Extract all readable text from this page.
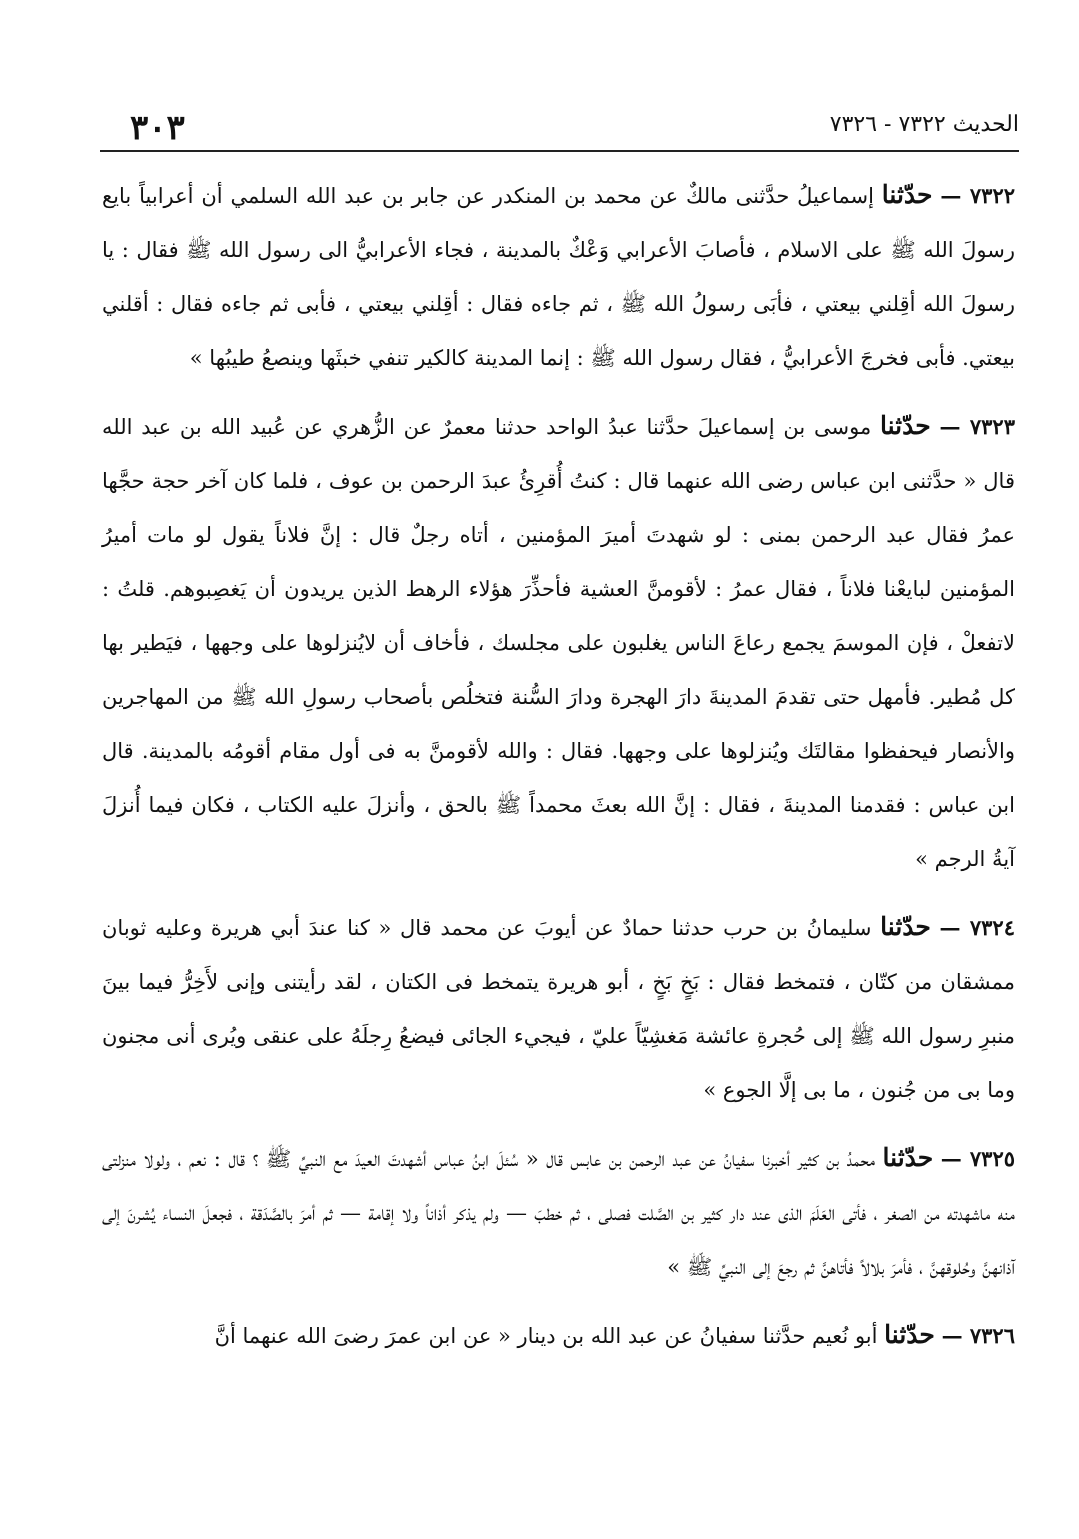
الحديث ٧٣٢٢ - ٧٣٢٦
٣٠٣

٧٣٢٢ — حدّثنا إسماعيلُ حدَّثنى مالكٌ عن محمد بن المنكدر عن جابر بن عبد الله السلمي أن أعرابياً بايع رسولَ الله ﷺ على الاسلام ، فأصابَ الأعرابي وَعْكٌ بالمدينة ، فجاء الأعرابيُّ الى رسول الله ﷺ فقال : يا رسولَ الله أقِلني بيعتي ، فأبَى رسولُ الله ﷺ ، ثم جاءه فقال : أقِلني بيعتي ، فأبى ثم جاءه فقال : أقلني بيعتي. فأبى فخرجَ الأعرابيُّ ، فقال رسول الله ﷺ : إنما المدينة كالكير تنفي خبثَها وينصعُ طيبُها »

٧٣٢٣ — حدّثنا موسى بن إسماعيلَ حدَّثنا عبدُ الواحد حدثنا معمرٌ عن الزُّهري عن عُبيد الله بن عبد الله قال « حدَّثنى ابن عباس رضى الله عنهما قال : كنتُ أُقرِئُ عبدَ الرحمن بن عوف ، فلما كان آخر حجة حجَّها عمرُ فقال عبد الرحمن بمنى : لو شهدتَ أميرَ المؤمنين ، أتاه رجلٌ قال : إنَّ فلاناً يقول لو مات أميرُ المؤمنين لبايعْنا فلاناً ، فقال عمرُ : لأقومنَّ العشية فأحذِّرَ هؤلاء الرهط الذين يريدون أن يَغصِبوهم. قلتُ : لاتفعلْ ، فإن الموسمَ يجمع رعاعَ الناس يغلبون على مجلسك ، فأخاف أن لايُنزلوها على وجهها ، فيَطير بها كل مُطير. فأمهل حتى تقدمَ المدينةَ دارَ الهجرة ودارَ السُّنة فتخلُص بأصحاب رسولِ الله ﷺ من المهاجرين والأنصار فيحفظوا مقالتَك ويُنزلوها على وجهها. فقال : والله لأقومنَّ به فى أول مقام أقومُه بالمدينة. قال ابن عباس : فقدمنا المدينةَ ، فقال : إنَّ الله بعثَ محمداً ﷺ بالحق ، وأنزلَ عليه الكتاب ، فكان فيما أُنزلَ آيةُ الرجم »

٧٣٢٤ — حدّثنا سليمانُ بن حرب حدثنا حمادٌ عن أيوبَ عن محمد قال « كنا عندَ أبي هريرة وعليه ثوبان ممشقان من كتّان ، فتمخط فقال : بَخٍ بَخٍ ، أبو هريرة يتمخط فى الكتان ، لقد رأيتنى وإنى لأَخِرُّ فيما بينَ منبرِ رسول الله ﷺ إلى حُجرةِ عائشة مَغشِيّاً عليّ ، فيجيء الجائى فيضعُ رِجلَهُ على عنقى ويُرى أنى مجنون وما بى من جُنون ، ما بى إلَّا الجوع »

٧٣٢٥ — حدّثنا محمدُ بن كثير أخبرنا سفيانُ عن عبد الرحمن بن عابس قال « سُئلَ ابنُ عباس أشهدتَ العيدَ مع النبيِّ ﷺ ؟ قال : نعم ، ولولا منزلتى منه ماشهدته من الصغر ، فأتى العَلَمَ الذى عند دار كثير بن الصَّلت فصلى ، ثم خطبَ — ولم يذكر أذاناً ولا إقامة — ثم أمرَ بالصَّدَقة ، فجعلَ النساء يُشرنَ إلى آذانهنَّ وحُلوقهنَّ ، فأمرَ بلالاً فأتاهنَّ ثم رجعَ إلى النبيِّ ﷺ »

٧٣٢٦ — حدّثنا أبو نُعيم حدَّثنا سفيانُ عن عبد الله بن دينار « عن ابن عمرَ رضىَ الله عنهما أنَّ
